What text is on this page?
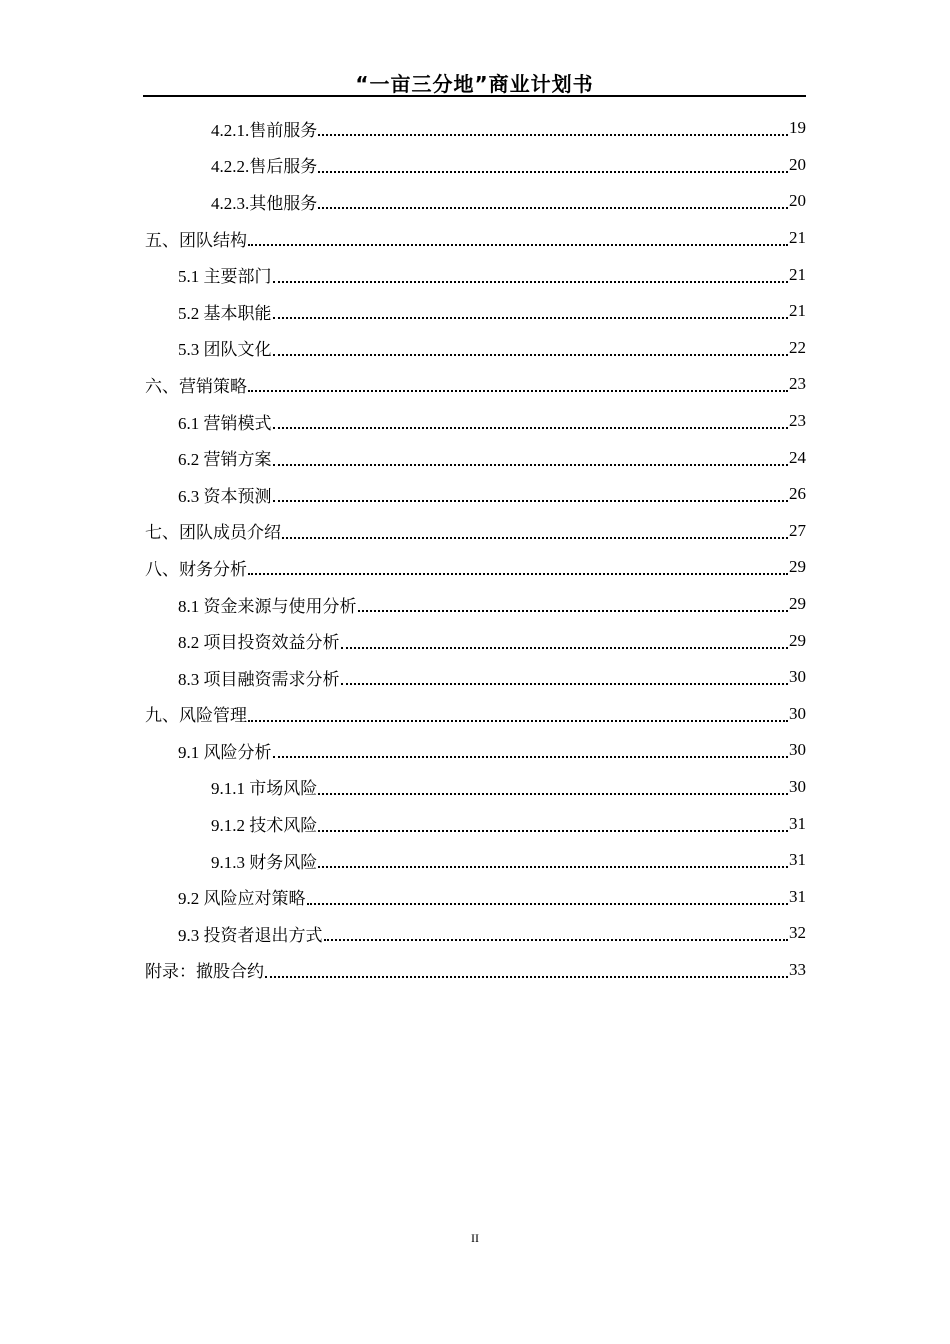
“一亩三分地”商业计划书
4.2.1.售前服务	19
4.2.2.售后服务	20
4.2.3.其他服务	20
五、团队结构	21
5.1 主要部门	21
5.2 基本职能	21
5.3 团队文化	22
六、营销策略	23
6.1 营销模式	23
6.2 营销方案	24
6.3 资本预测	26
七、团队成员介绍	27
八、财务分析	29
8.1 资金来源与使用分析	29
8.2 项目投资效益分析	29
8.3 项目融资需求分析	30
九、风险管理	30
9.1 风险分析	30
9.1.1 市场风险	30
9.1.2 技术风险	31
9.1.3 财务风险	31
9.2 风险应对策略	31
9.3 投资者退出方式	32
附录：撤股合约	33
II
